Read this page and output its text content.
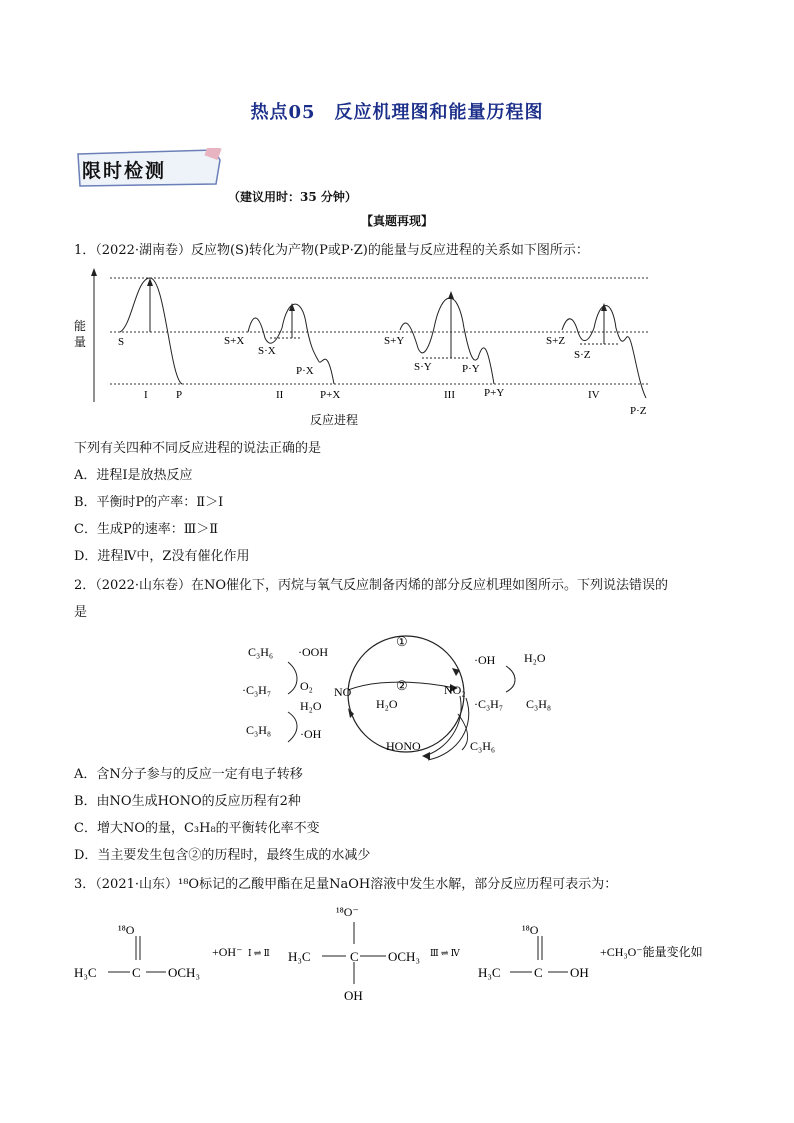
热点05　反应机理图和能量历程图
限时检测
（建议用时：35 分钟）
【真题再现】
1．（2022·湖南卷）反应物(S)转化为产物(P或P·Z)的能量与反应进程的关系如下图所示：
能
量	S
I	P
S+X
S·X
P·X
II	P+X
S+Y
S·Y	P·Y
III	P+Y
S+Z
S·Z
IV
P·Z
反应进程
下列有关四种不同反应进程的说法正确的是
A．进程Ⅰ是放热反应
B．平衡时P的产率：Ⅱ＞Ⅰ
C．生成P的速率：Ⅲ＞Ⅱ
D．进程Ⅳ中，Z没有催化作用
2．（2022·山东卷）在NO催化下，丙烷与氧气反应制备丙烯的部分反应机理如图所示。下列说法错误的
是
①
②
·OOH
·OH H₂O
NO	NO₂
H₂O
HONO
C₃H₆
·C₃H₇ O₂
C₃H₈
H₂O
·OH
·C₃H₇ C₃H₈
C₃H₆
A．含N分子参与的反应一定有电子转移
B．由NO生成HONO的反应历程有2种
C．增大NO的量，C₃H₈的平衡转化率不变
D．当主要发生包含②的历程时，最终生成的水减少
3．（2021·山东）¹⁸O标记的乙酸甲酯在足量NaOH溶液中发生水解，部分反应历程可表示为：
¹⁸O
H₃C	C OCH₃
+OH⁻ Ⅰ ⇌ Ⅱ
¹⁸O⁻
H₃C	C OCH₃
OH
Ⅲ ⇌ Ⅳ
¹⁸O
H₃C	C OH
+CH₃O⁻能量变化如
